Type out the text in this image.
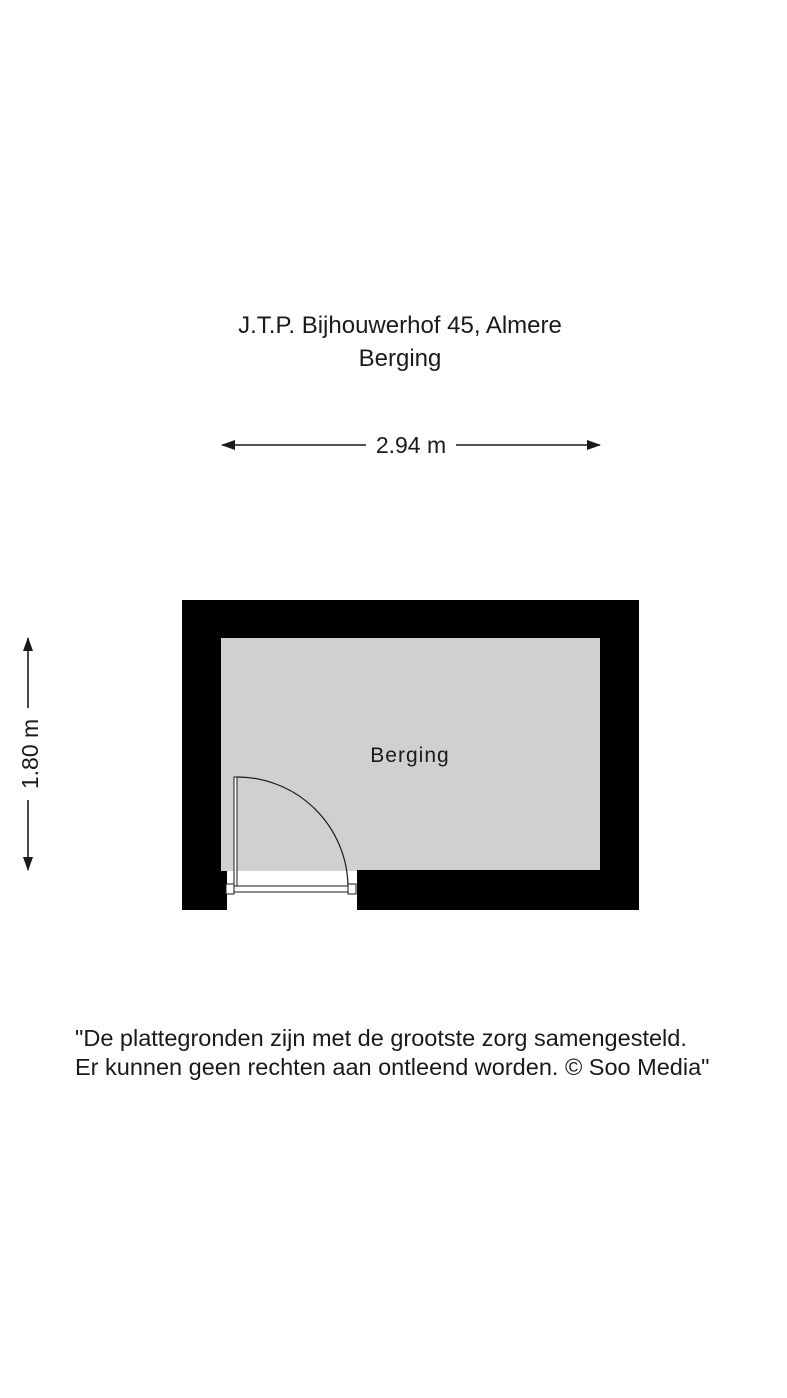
J.T.P. Bijhouwerhof 45, Almere
Berging
2.94 m
1.80 m	Berging

"De plattegronden zijn met de grootste zorg samengesteld.
Er kunnen geen rechten aan ontleend worden. © Soo Media"
